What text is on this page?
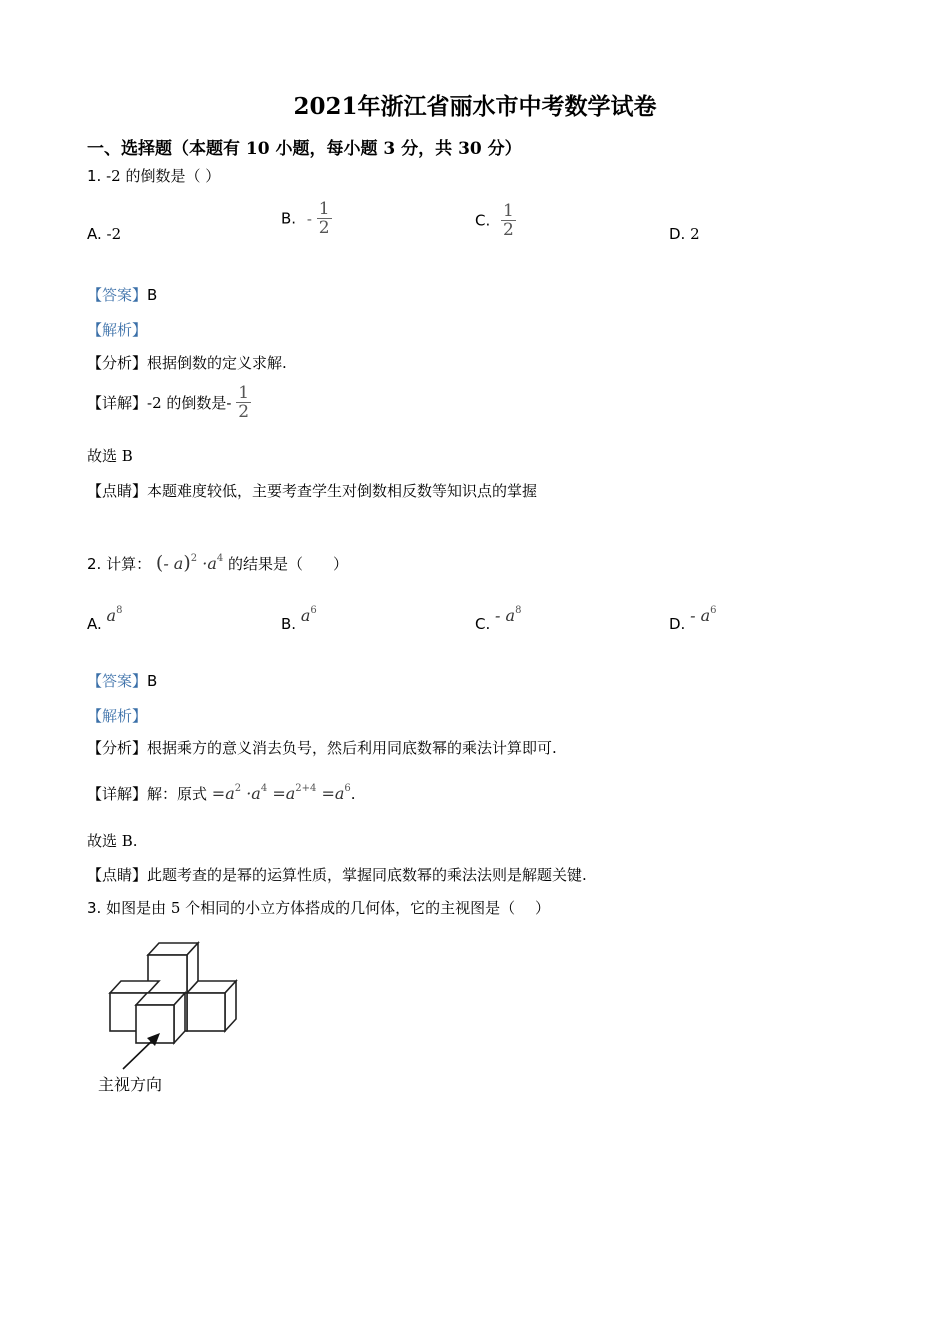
2021年浙江省丽水市中考数学试卷
一、选择题（本题有 10 小题，每小题 3 分，共 30 分）
1. -2 的倒数是（ ）
A. -2
B. - $\frac{1}{2}$	C. $\frac{1}{2}$	D. 2
【答案】B
【解析】
【分析】根据倒数的定义求解.
【详解】-2 的倒数是- $\frac{1}{2}$
故选 B
【点睛】本题难度较低，主要考查学生对倒数相反数等知识点的掌握
2. 计算： (- $a)^2 \cdot a^4$ 的结果是（　　）
A. $a^8$
B. $a^6$
C. - $a^8$
D. - $a^6$
【答案】B
【解析】
【分析】根据乘方的意义消去负号，然后利用同底数幂的乘法计算即可.
【详解】解：原式 $=a^2 \cdot a^4 =a^{2+4} =a^6$.
故选 B.
【点睛】此题考查的是幂的运算性质，掌握同底数幂的乘法法则是解题关键.
3. 如图是由 5 个相同的小立方体搭成的几何体，它的主视图是（　 ）
主视方向
